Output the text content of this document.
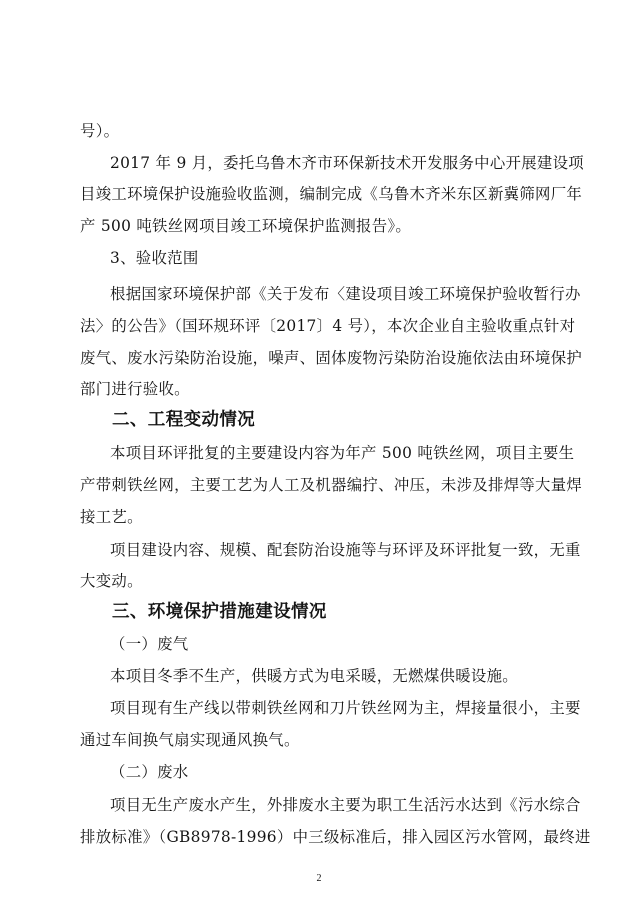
号）。
2017 年 9 月，委托乌鲁木齐市环保新技术开发服务中心开展建设项
目竣工环境保护设施验收监测，编制完成《乌鲁木齐米东区新冀筛网厂年
产 500 吨铁丝网项目竣工环境保护监测报告》。
3、验收范围
根据国家环境保护部《关于发布〈建设项目竣工环境保护验收暂行办
法〉的公告》（国环规环评〔2017〕4 号），本次企业自主验收重点针对
废气、废水污染防治设施，噪声、固体废物污染防治设施依法由环境保护
部门进行验收。
二、工程变动情况
本项目环评批复的主要建设内容为年产 500 吨铁丝网，项目主要生
产带刺铁丝网，主要工艺为人工及机器编拧、冲压，未涉及排焊等大量焊
接工艺。
项目建设内容、规模、配套防治设施等与环评及环评批复一致，无重
大变动。
三、环境保护措施建设情况
（一）废气
本项目冬季不生产，供暖方式为电采暖，无燃煤供暖设施。
项目现有生产线以带刺铁丝网和刀片铁丝网为主，焊接量很小，主要
通过车间换气扇实现通风换气。
（二）废水
项目无生产废水产生，外排废水主要为职工生活污水达到《污水综合
排放标准》（GB8978-1996）中三级标准后，排入园区污水管网，最终进
2
